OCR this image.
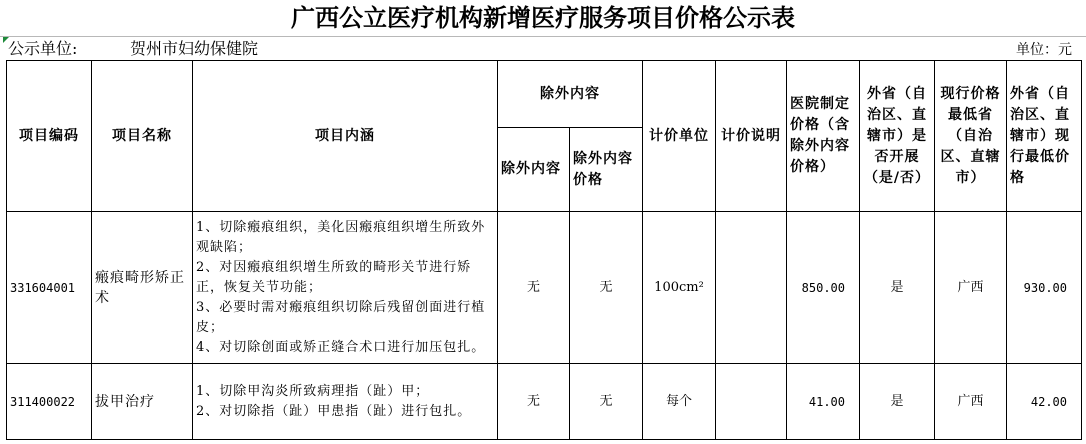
广西公立医疗机构新增医疗服务项目价格公示表
公示单位:	贺州市妇幼保健院	单位：元
项目编码	项目名称	项目内涵	除外内容		计价单位	计价说明	医院制定价格（含除外内容价格）	外省（自治区、直辖市）是否开展（是/否）	现行价格最低省（自治区、直辖市）	外省（自治区、直辖市）现行最低价格
			除外内容	除外内容价格						
331604001	瘢痕畸形矫正术	1、切除瘢痕组织，美化因瘢痕组织增生所致外观缺陷；
2、对因瘢痕组织增生所致的畸形关节进行矫正，恢复关节功能；
3、必要时需对瘢痕组织切除后残留创面进行植皮；
4、对切除创面或矫正缝合术口进行加压包扎。	无	无	100cm²		850.00	是	广西	930.00
311400022	拔甲治疗	1、切除甲沟炎所致病理指（趾）甲；
2、对切除指（趾）甲患指（趾）进行包扎。	无	无	每个		41.00	是	广西	42.00
